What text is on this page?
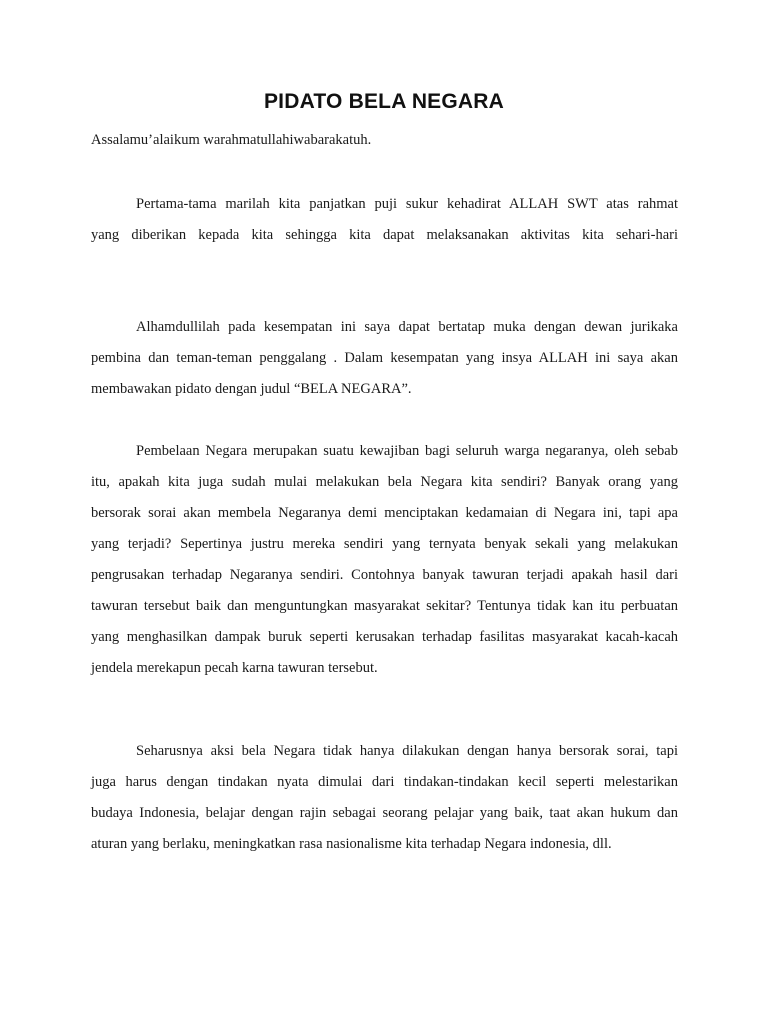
PIDATO BELA NEGARA
Assalamu’alaikum warahmatullahiwabarakatuh.
Pertama-tama marilah kita panjatkan puji sukur kehadirat ALLAH SWT atas rahmat
yang diberikan kepada kita sehingga kita dapat melaksanakan aktivitas kita sehari-hari
Alhamdullilah pada kesempatan ini saya dapat bertatap muka dengan dewan jurikaka
pembina dan teman-teman penggalang . Dalam kesempatan yang insya ALLAH ini saya akan
membawakan pidato dengan judul “BELA NEGARA”.
Pembelaan Negara merupakan suatu kewajiban bagi seluruh warga negaranya, oleh sebab
itu, apakah kita juga sudah mulai melakukan bela Negara kita sendiri? Banyak orang yang
bersorak sorai akan membela Negaranya demi menciptakan kedamaian di Negara ini, tapi apa
yang terjadi? Sepertinya justru mereka sendiri yang ternyata benyak sekali yang melakukan
pengrusakan terhadap Negaranya sendiri. Contohnya banyak tawuran terjadi apakah hasil dari
tawuran tersebut baik dan menguntungkan masyarakat sekitar? Tentunya tidak kan itu perbuatan
yang menghasilkan dampak buruk seperti kerusakan terhadap fasilitas masyarakat kacah-kacah
jendela merekapun pecah karna tawuran tersebut.
Seharusnya aksi bela Negara tidak hanya dilakukan dengan hanya bersorak sorai, tapi
juga harus dengan tindakan nyata dimulai dari tindakan-tindakan kecil seperti melestarikan
budaya Indonesia, belajar dengan rajin sebagai seorang pelajar yang baik, taat akan hukum dan
aturan yang berlaku, meningkatkan rasa nasionalisme kita terhadap Negara indonesia, dll.
